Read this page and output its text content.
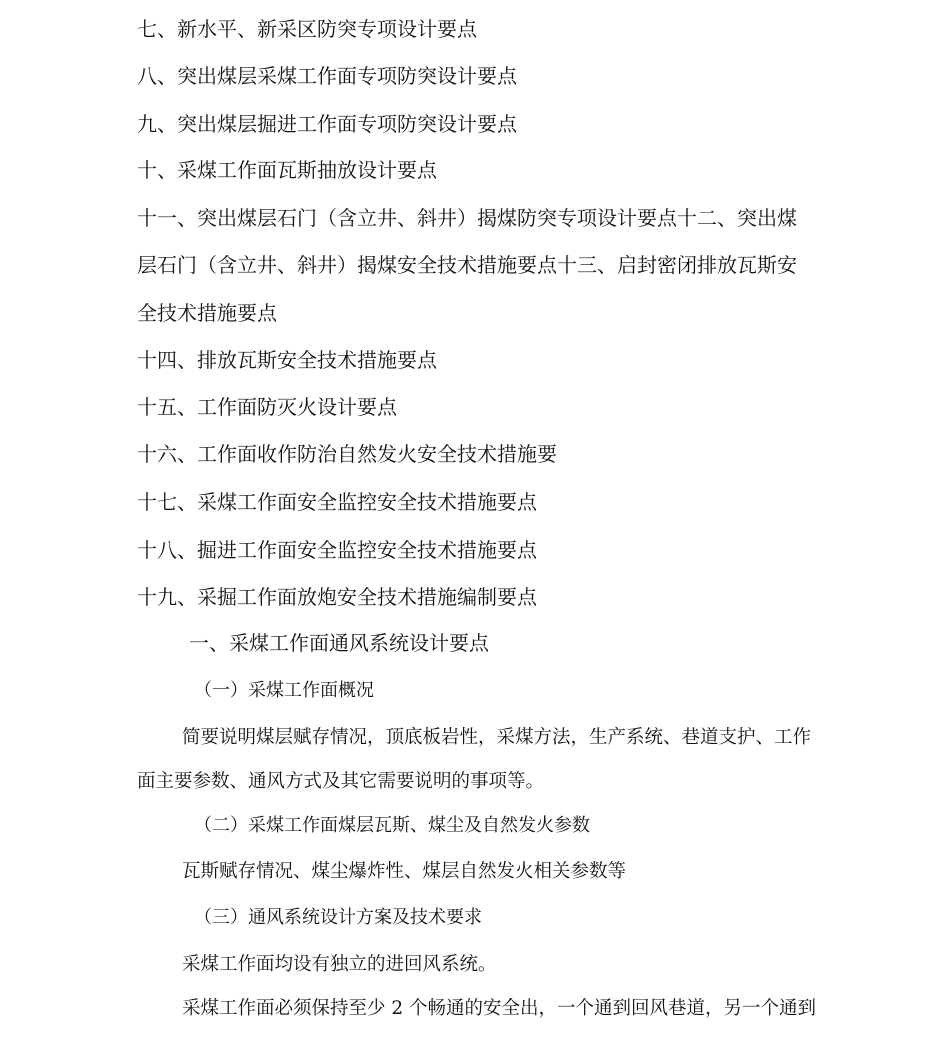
七、新水平、新采区防突专项设计要点
八、突出煤层采煤工作面专项防突设计要点
九、突出煤层掘进工作面专项防突设计要点
十、采煤工作面瓦斯抽放设计要点
十一、突出煤层石门（含立井、斜井）揭煤防突专项设计要点十二、突出煤
层石门（含立井、斜井）揭煤安全技术措施要点十三、启封密闭排放瓦斯安
全技术措施要点
十四、排放瓦斯安全技术措施要点
十五、工作面防灭火设计要点
十六、工作面收作防治自然发火安全技术措施要
十七、采煤工作面安全监控安全技术措施要点
十八、掘进工作面安全监控安全技术措施要点
十九、采掘工作面放炮安全技术措施编制要点
一、采煤工作面通风系统设计要点
（一）采煤工作面概况
简要说明煤层赋存情况，顶底板岩性，采煤方法，生产系统、巷道支护、工作
面主要参数、通风方式及其它需要说明的事项等。
（二）采煤工作面煤层瓦斯、煤尘及自然发火参数
瓦斯赋存情况、煤尘爆炸性、煤层自然发火相关参数等
（三）通风系统设计方案及技术要求
采煤工作面均设有独立的进回风系统。
采煤工作面必须保持至少 2 个畅通的安全出，一个通到回风巷道，另一个通到
